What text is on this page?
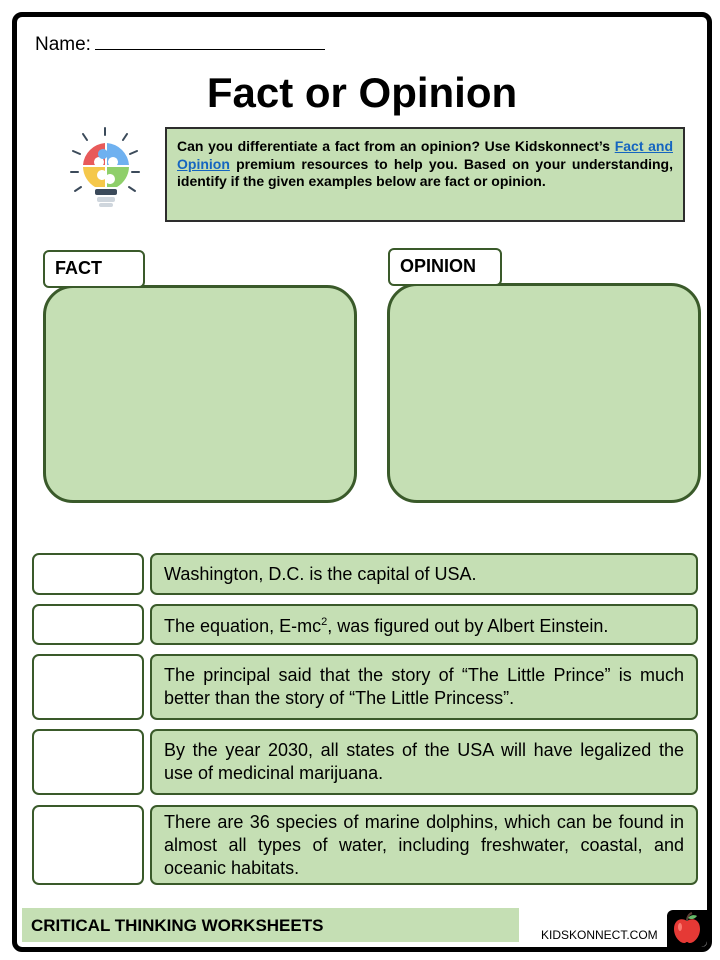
Name:
Fact or Opinion
Can you differentiate a fact from an opinion? Use Kidskonnect’s Fact and Opinion premium resources to help you. Based on your understanding, identify if the given examples below are fact or opinion.
FACT	OPINION
Washington, D.C. is the capital of USA.
The equation, $E-mc^2$, was figured out by Albert Einstein.
The principal said that the story of “The Little Prince” is much better than the story of “The Little Princess”.
By the year 2030, all states of the USA will have legalized the use of medicinal marijuana.
There are 36 species of marine dolphins, which can be found in almost all types of water, including freshwater, coastal, and oceanic habitats.
CRITICAL THINKING WORKSHEETS	KIDSKONNECT.COM
